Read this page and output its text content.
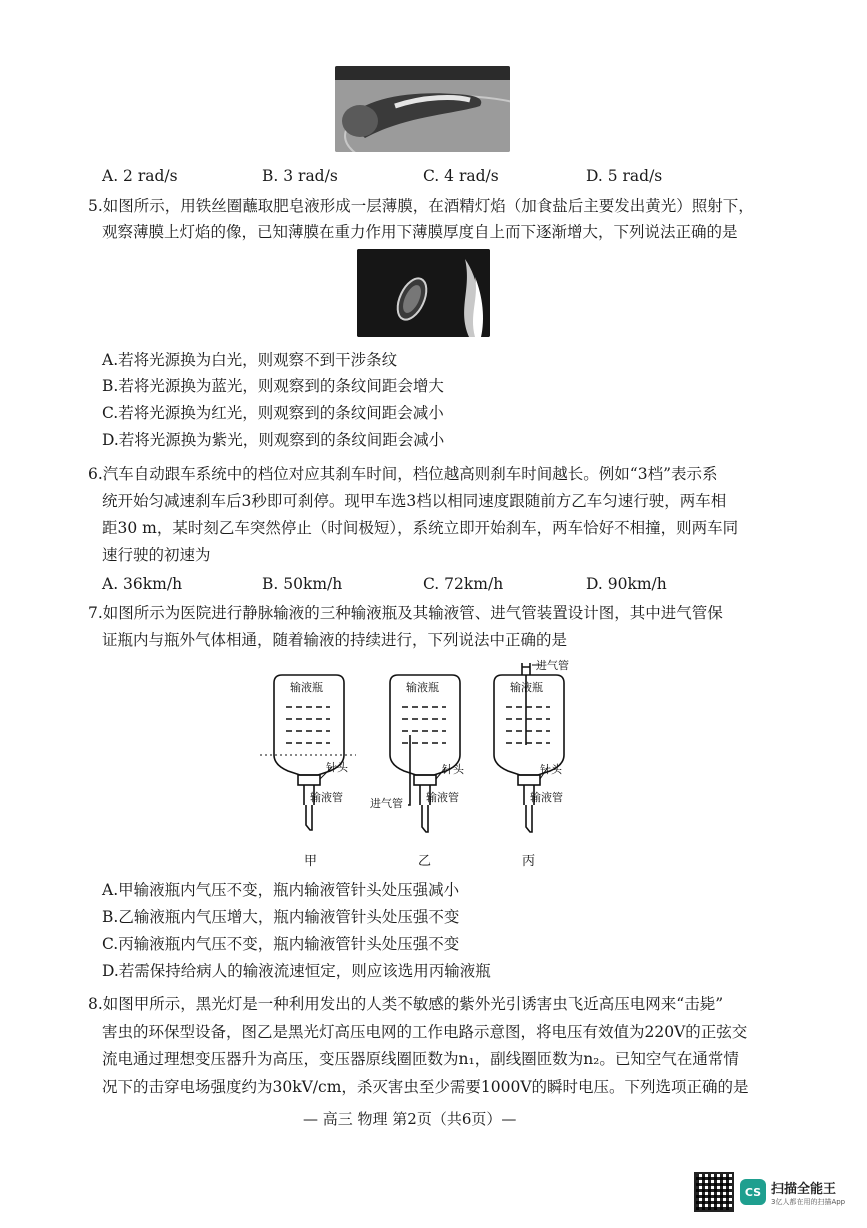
A. 2 rad/s	B. 3 rad/s	C. 4 rad/s	D. 5 rad/s
5.如图所示，用铁丝圈蘸取肥皂液形成一层薄膜，在酒精灯焰（加食盐后主要发出黄光）照射下，
观察薄膜上灯焰的像，已知薄膜在重力作用下薄膜厚度自上而下逐渐增大，下列说法正确的是
A.若将光源换为白光，则观察不到干涉条纹
B.若将光源换为蓝光，则观察到的条纹间距会增大
C.若将光源换为红光，则观察到的条纹间距会减小
D.若将光源换为紫光，则观察到的条纹间距会减小
6.汽车自动跟车系统中的档位对应其刹车时间，档位越高则刹车时间越长。例如“3档”表示系
统开始匀减速刹车后3秒即可刹停。现甲车选3档以相同速度跟随前方乙车匀速行驶，两车相
距30 m，某时刻乙车突然停止（时间极短），系统立即开始刹车，两车恰好不相撞，则两车同
速行驶的初速为
A. 36km/h	B. 50km/h	C. 72km/h	D. 90km/h
7.如图所示为医院进行静脉输液的三种输液瓶及其输液管、进气管装置设计图，其中进气管保
证瓶内与瓶外气体相通，随着输液的持续进行，下列说法中正确的是
输液瓶	输液瓶	输液瓶
针头	针头	针头
输液管	输液管	输液管
进气管
进气管
甲	乙	丙
A.甲输液瓶内气压不变，瓶内输液管针头处压强减小
B.乙输液瓶内气压增大，瓶内输液管针头处压强不变
C.丙输液瓶内气压不变，瓶内输液管针头处压强不变
D.若需保持给病人的输液流速恒定，则应该选用丙输液瓶
8.如图甲所示，黑光灯是一种利用发出的人类不敏感的紫外光引诱害虫飞近高压电网来“击毙”
害虫的环保型设备，图乙是黑光灯高压电网的工作电路示意图，将电压有效值为220V的正弦交
流电通过理想变压器升为高压，变压器原线圈匝数为n₁，副线圈匝数为n₂。已知空气在通常情
况下的击穿电场强度约为30kV/cm，杀灭害虫至少需要1000V的瞬时电压。下列选项正确的是
— 高三 物理 第2页（共6页）—
CS 扫描全能王
3亿人都在用的扫描App
